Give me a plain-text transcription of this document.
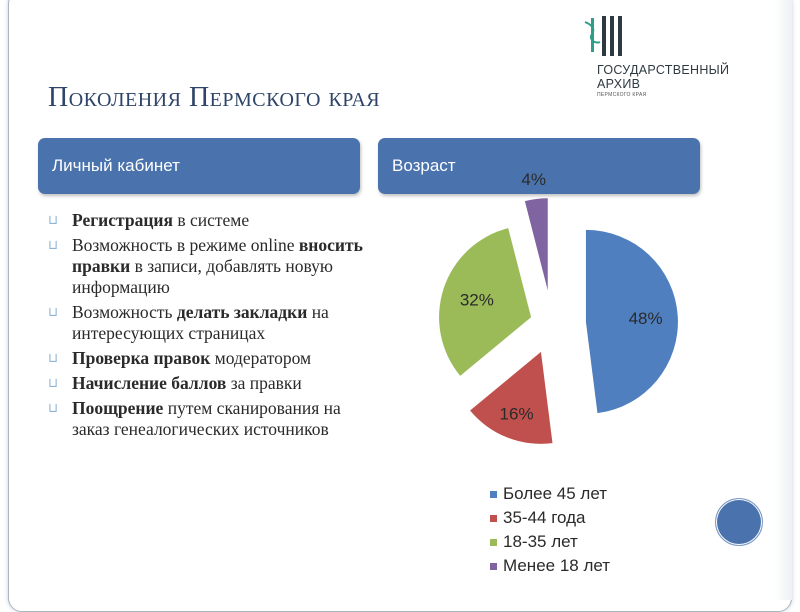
ГОСУДАРСТВЕННЫЙ
АРХИВ
ПЕРМСКОГО КРАЯ
Поколения Пермского края
Личный кабинет	Возраст
⊔ Регистрация в системе
⊔ Возможность в режиме online вносить правки в записи, добавлять новую информацию
⊔ Возможность делать закладки на интересующих страницах
⊔ Проверка правок модератором
⊔ Начисление баллов за правки
⊔ Поощрение путем сканирования на заказ генеалогических источников
48%
16%
32%
4%
Более 45 лет
35-44 года
18-35 лет
Менее 18 лет
